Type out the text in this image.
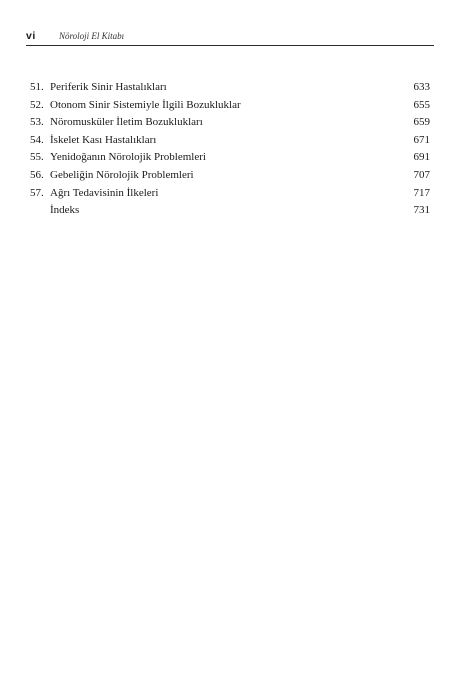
vi	Nöroloji El Kitabı
51. Periferik Sinir Hastalıkları	633
52. Otonom Sinir Sistemiyle İlgili Bozukluklar	655
53. Nöromusküler İletim Bozuklukları	659
54. İskelet Kası Hastalıkları	671
55. Yenidoğanın Nörolojik Problemleri	691
56. Gebeliğin Nörolojik Problemleri	707
57. Ağrı Tedavisinin İlkeleri	717
İndeks	731
